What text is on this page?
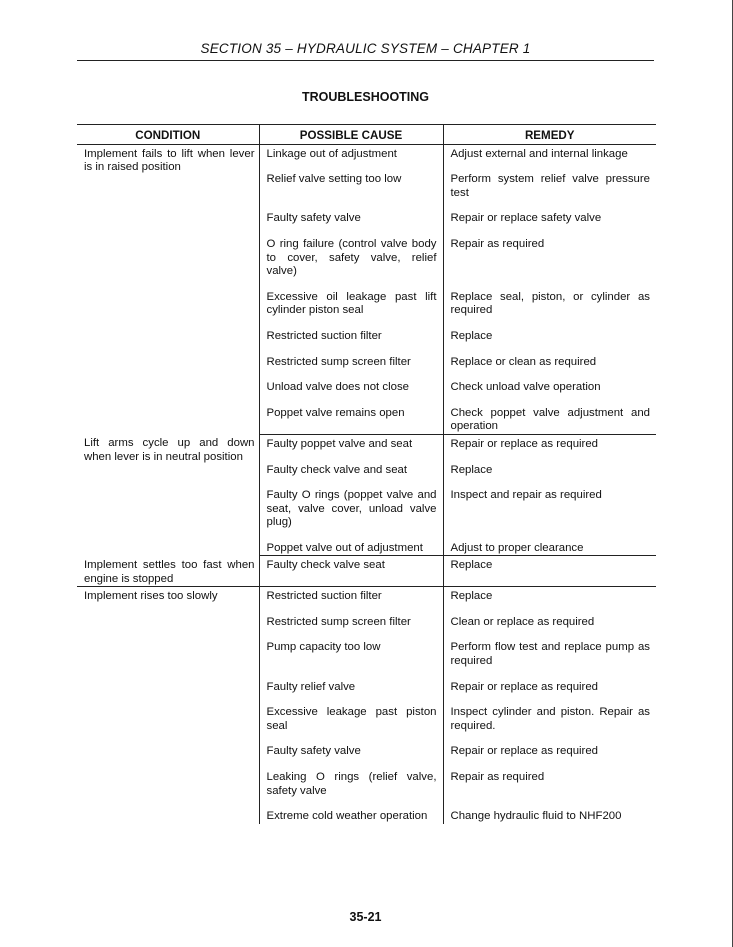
SECTION 35 – HYDRAULIC SYSTEM – CHAPTER 1
TROUBLESHOOTING
CONDITION	POSSIBLE CAUSE	REMEDY
Implement fails to lift when lever is in raised position	Linkage out of adjustment	Adjust external and internal linkage
	Relief valve setting too low	Perform system relief valve pressure test
	Faulty safety valve	Repair or replace safety valve
	O ring failure (control valve body to cover, safety valve, relief valve)	Repair as required
	Excessive oil leakage past lift cylinder piston seal	Replace seal, piston, or cylinder as required
	Restricted suction filter	Replace
	Restricted sump screen filter	Replace or clean as required
	Unload valve does not close	Check unload valve operation
	Poppet valve remains open	Check poppet valve adjustment and operation
Lift arms cycle up and down when lever is in neutral position	Faulty poppet valve and seat	Repair or replace as required
	Faulty check valve and seat	Replace
	Faulty O rings (poppet valve and seat, valve cover, unload valve plug)	Inspect and repair as required
	Poppet valve out of adjustment	Adjust to proper clearance
Implement settles too fast when engine is stopped	Faulty check valve seat	Replace
Implement rises too slowly	Restricted suction filter	Replace
	Restricted sump screen filter	Clean or replace as required
	Pump capacity too low	Perform flow test and replace pump as required
	Faulty relief valve	Repair or replace as required
	Excessive leakage past piston seal	Inspect cylinder and piston. Repair as required.
	Faulty safety valve	Repair or replace as required
	Leaking O rings (relief valve, safety valve	Repair as required
	Extreme cold weather operation	Change hydraulic fluid to NHF200
35-21
